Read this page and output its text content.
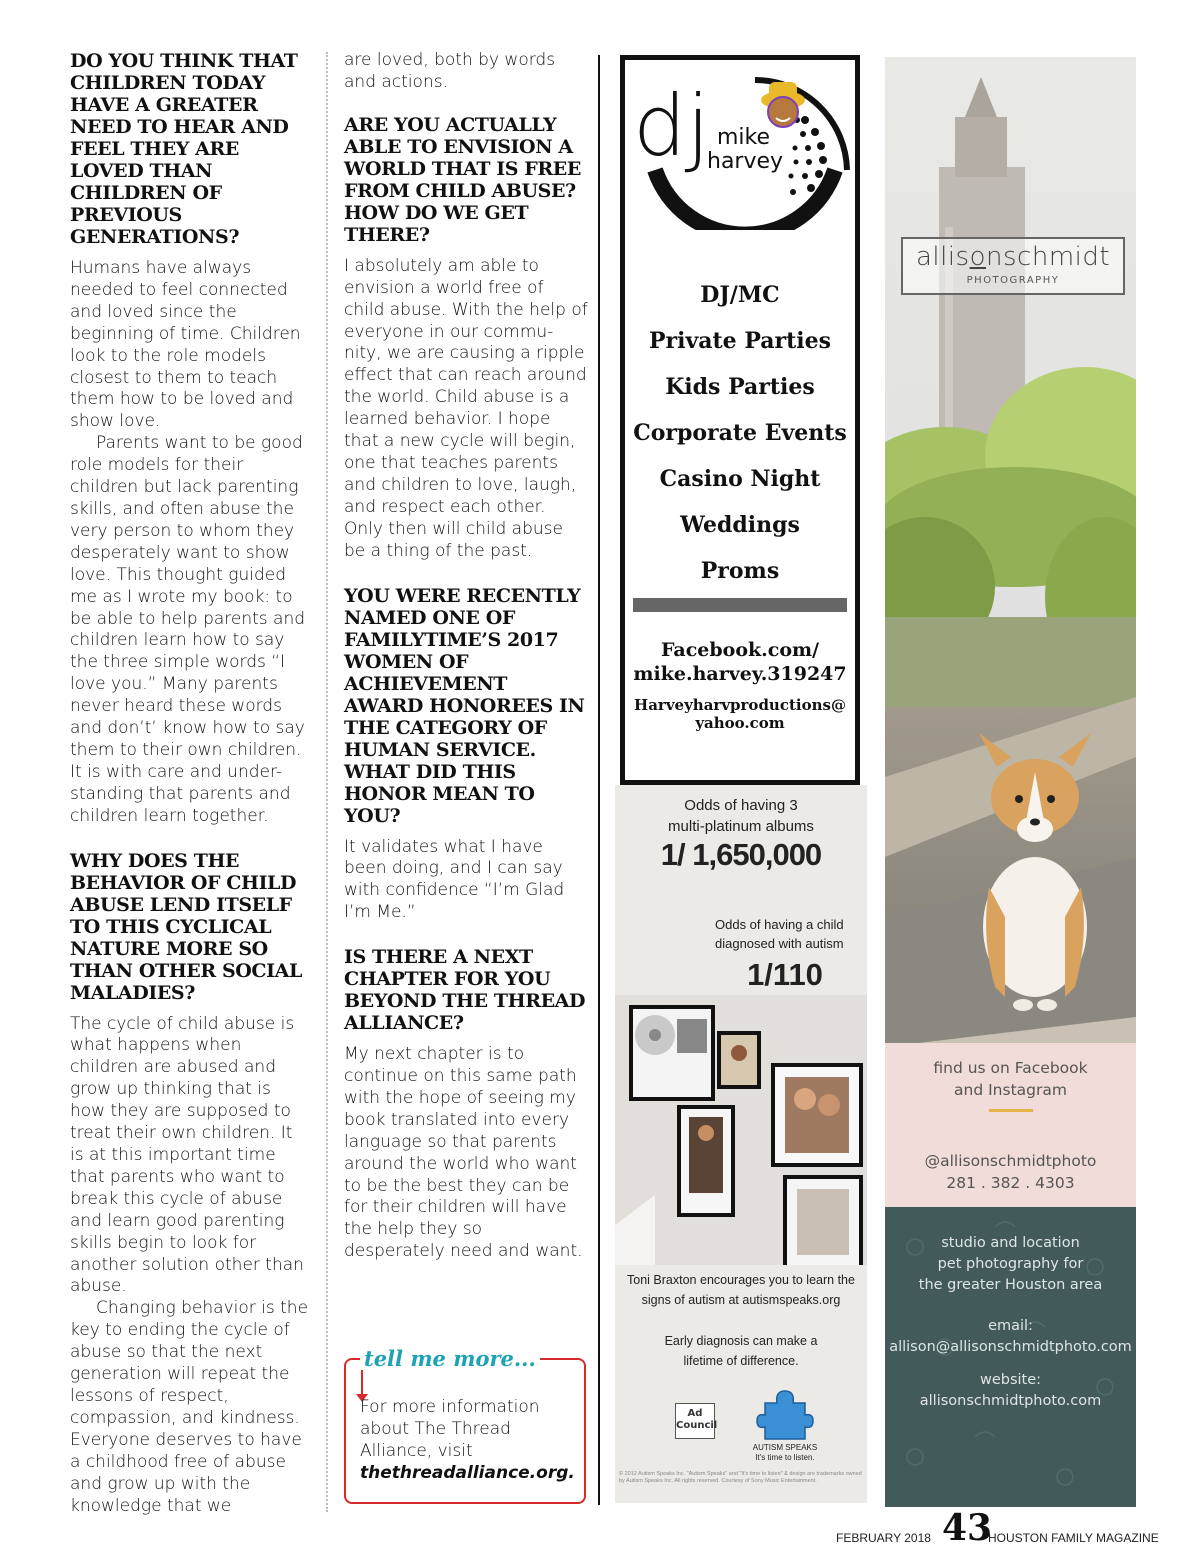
DO YOU THINK THAT CHILDREN TODAY HAVE A GREATER NEED TO HEAR AND FEEL THEY ARE LOVED THAN CHILDREN OF PREVIOUS GENERATIONS?

Humans have always needed to feel connected and loved since the beginning of time. Children look to the role models closest to them to teach them how to be loved and show love.

Parents want to be good role models for their children but lack parenting skills, and often abuse the very person to whom they desperately want to show love. This thought guided me as I wrote my book: to be able to help parents and children learn how to say the three simple words “I love you.” Many parents never heard these words and don’t’ know how to say them to their own children. It is with care and under-standing that parents and children learn together.

WHY DOES THE BEHAVIOR OF CHILD ABUSE LEND ITSELF TO THIS CYCLICAL NATURE MORE SO THAN OTHER SOCIAL MALADIES?

The cycle of child abuse is what happens when children are abused and grow up thinking that is how they are supposed to treat their own children. It is at this important time that parents who want to break this cycle of abuse and learn good parenting skills begin to look for another solution other than abuse.

Changing behavior is the key to ending the cycle of abuse so that the next generation will repeat the lessons of respect, compassion, and kindness. Everyone deserves to have a childhood free of abuse and grow up with the knowledge that we

are loved, both by words and actions.

ARE YOU ACTUALLY ABLE TO ENVISION A WORLD THAT IS FREE FROM CHILD ABUSE? HOW DO WE GET THERE?

I absolutely am able to envision a world free of child abuse. With the help of everyone in our commu-nity, we are causing a ripple effect that can reach around the world. Child abuse is a learned behavior. I hope that a new cycle will begin, one that teaches parents and children to love, laugh, and respect each other. Only then will child abuse be a thing of the past.

YOU WERE RECENTLY NAMED ONE OF FAMILYTIME’S 2017 WOMEN OF ACHIEVEMENT AWARD HONOREES IN THE CATEGORY OF HUMAN SERVICE. WHAT DID THIS HONOR MEAN TO YOU?

It validates what I have been doing, and I can say with confidence “I’m Glad I’m Me.”

IS THERE A NEXT CHAPTER FOR YOU BEYOND THE THREAD ALLIANCE?

My next chapter is to continue on this same path with the hope of seeing my book translated into every language so that parents around the world who want to be the best they can be for their children will have the help they so desperately need and want.

tell me more...
For more information about The Thread Alliance, visit thethreadalliance.org.
dj mike
harvey
DJ/MC
Private Parties
Kids Parties
Corporate Events
Casino Night
Weddings
Proms
Facebook.com/
mike.harvey.319247
Harveyharvproductions@
yahoo.com
Odds of having 3
multi-platinum albums
1/ 1,650,000
Odds of having a child
diagnosed with autism
1/110
Toni Braxton encourages you to learn the
signs of autism at autismspeaks.org
Early diagnosis can make a
lifetime of difference.
Ad Council
AUTISM SPEAKS
It's time to listen.
© 2012 Autism Speaks Inc. "Autism Speaks" and "It's time to listen" & design are trademarks owned by Autism Speaks Inc. All rights reserved. Courtesy of Sony Music Entertainment.
allisonschmidt
PHOTOGRAPHY
find us on Facebook
and Instagram
@allisonschmidtphoto
281 . 382 . 4303
studio and location
pet photography for
the greater Houston area
email:
allison@allisonschmidtphoto.com
website:
allisonschmidtphoto.com
FEBRUARY 2018 43
HOUSTON FAMILY MAGAZINE
